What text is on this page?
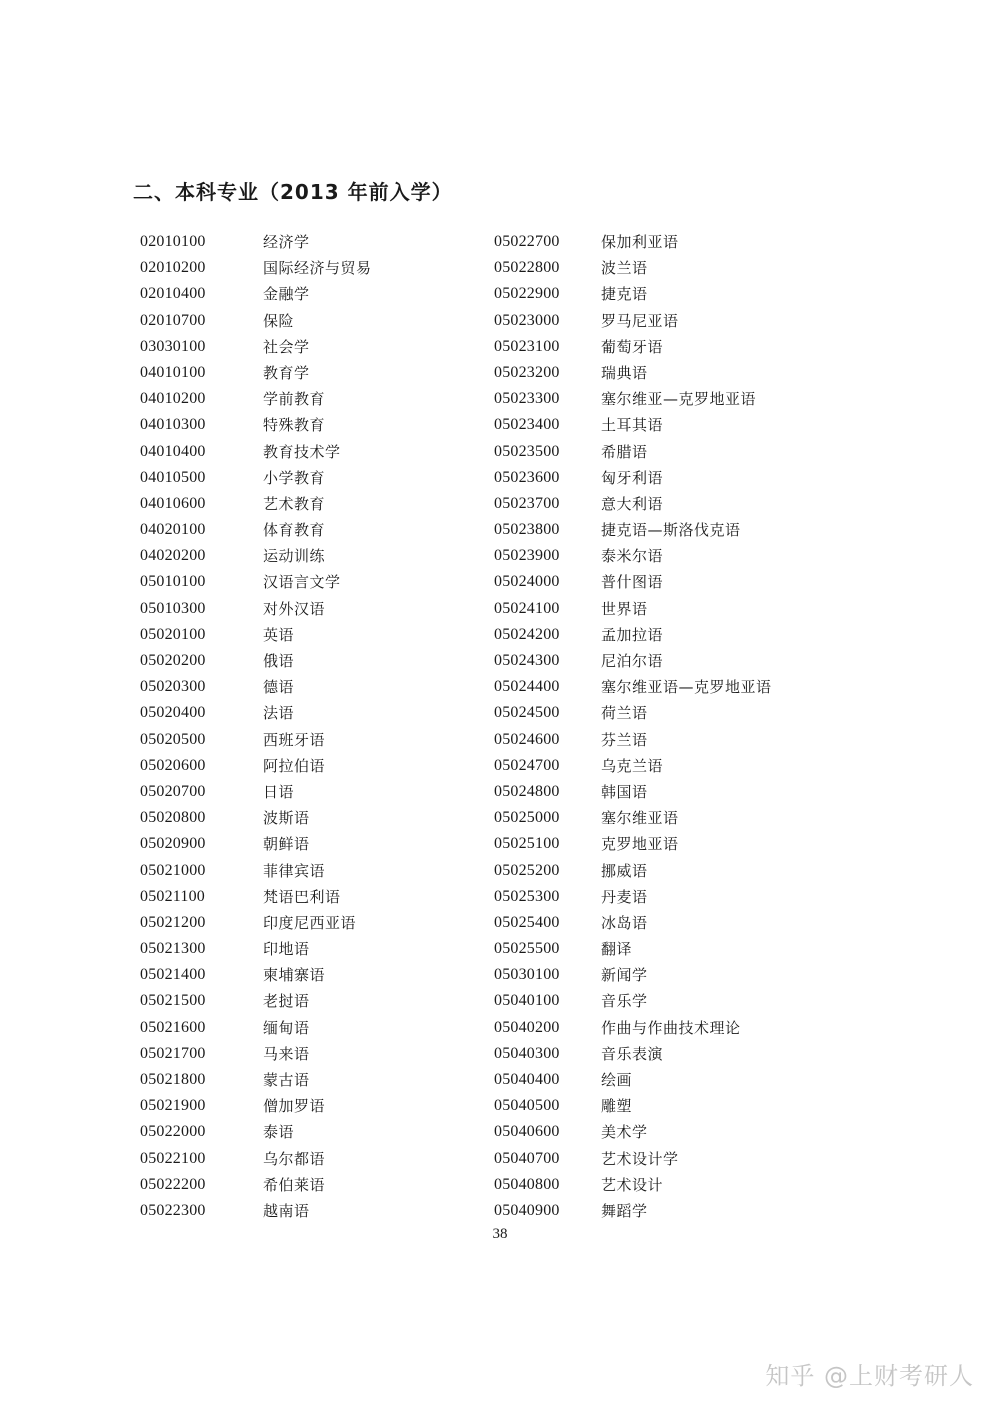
二、本科专业（2013 年前入学）
02010100	经济学
02010200	国际经济与贸易
02010400	金融学
02010700	保险
03030100	社会学
04010100	教育学
04010200	学前教育
04010300	特殊教育
04010400	教育技术学
04010500	小学教育
04010600	艺术教育
04020100	体育教育
04020200	运动训练
05010100	汉语言文学
05010300	对外汉语
05020100	英语
05020200	俄语
05020300	德语
05020400	法语
05020500	西班牙语
05020600	阿拉伯语
05020700	日语
05020800	波斯语
05020900	朝鲜语
05021000	菲律宾语
05021100	梵语巴利语
05021200	印度尼西亚语
05021300	印地语
05021400	柬埔寨语
05021500	老挝语
05021600	缅甸语
05021700	马来语
05021800	蒙古语
05021900	僧加罗语
05022000	泰语
05022100	乌尔都语
05022200	希伯莱语
05022300	越南语
05022700	保加利亚语
05022800	波兰语
05022900	捷克语
05023000	罗马尼亚语
05023100	葡萄牙语
05023200	瑞典语
05023300	塞尔维亚—克罗地亚语
05023400	土耳其语
05023500	希腊语
05023600	匈牙利语
05023700	意大利语
05023800	捷克语—斯洛伐克语
05023900	泰米尔语
05024000	普什图语
05024100	世界语
05024200	孟加拉语
05024300	尼泊尔语
05024400	塞尔维亚语—克罗地亚语
05024500	荷兰语
05024600	芬兰语
05024700	乌克兰语
05024800	韩国语
05025000	塞尔维亚语
05025100	克罗地亚语
05025200	挪威语
05025300	丹麦语
05025400	冰岛语
05025500	翻译
05030100	新闻学
05040100	音乐学
05040200	作曲与作曲技术理论
05040300	音乐表演
05040400	绘画
05040500	雕塑
05040600	美术学
05040700	艺术设计学
05040800	艺术设计
05040900	舞蹈学

38

知乎 @上财考研人
